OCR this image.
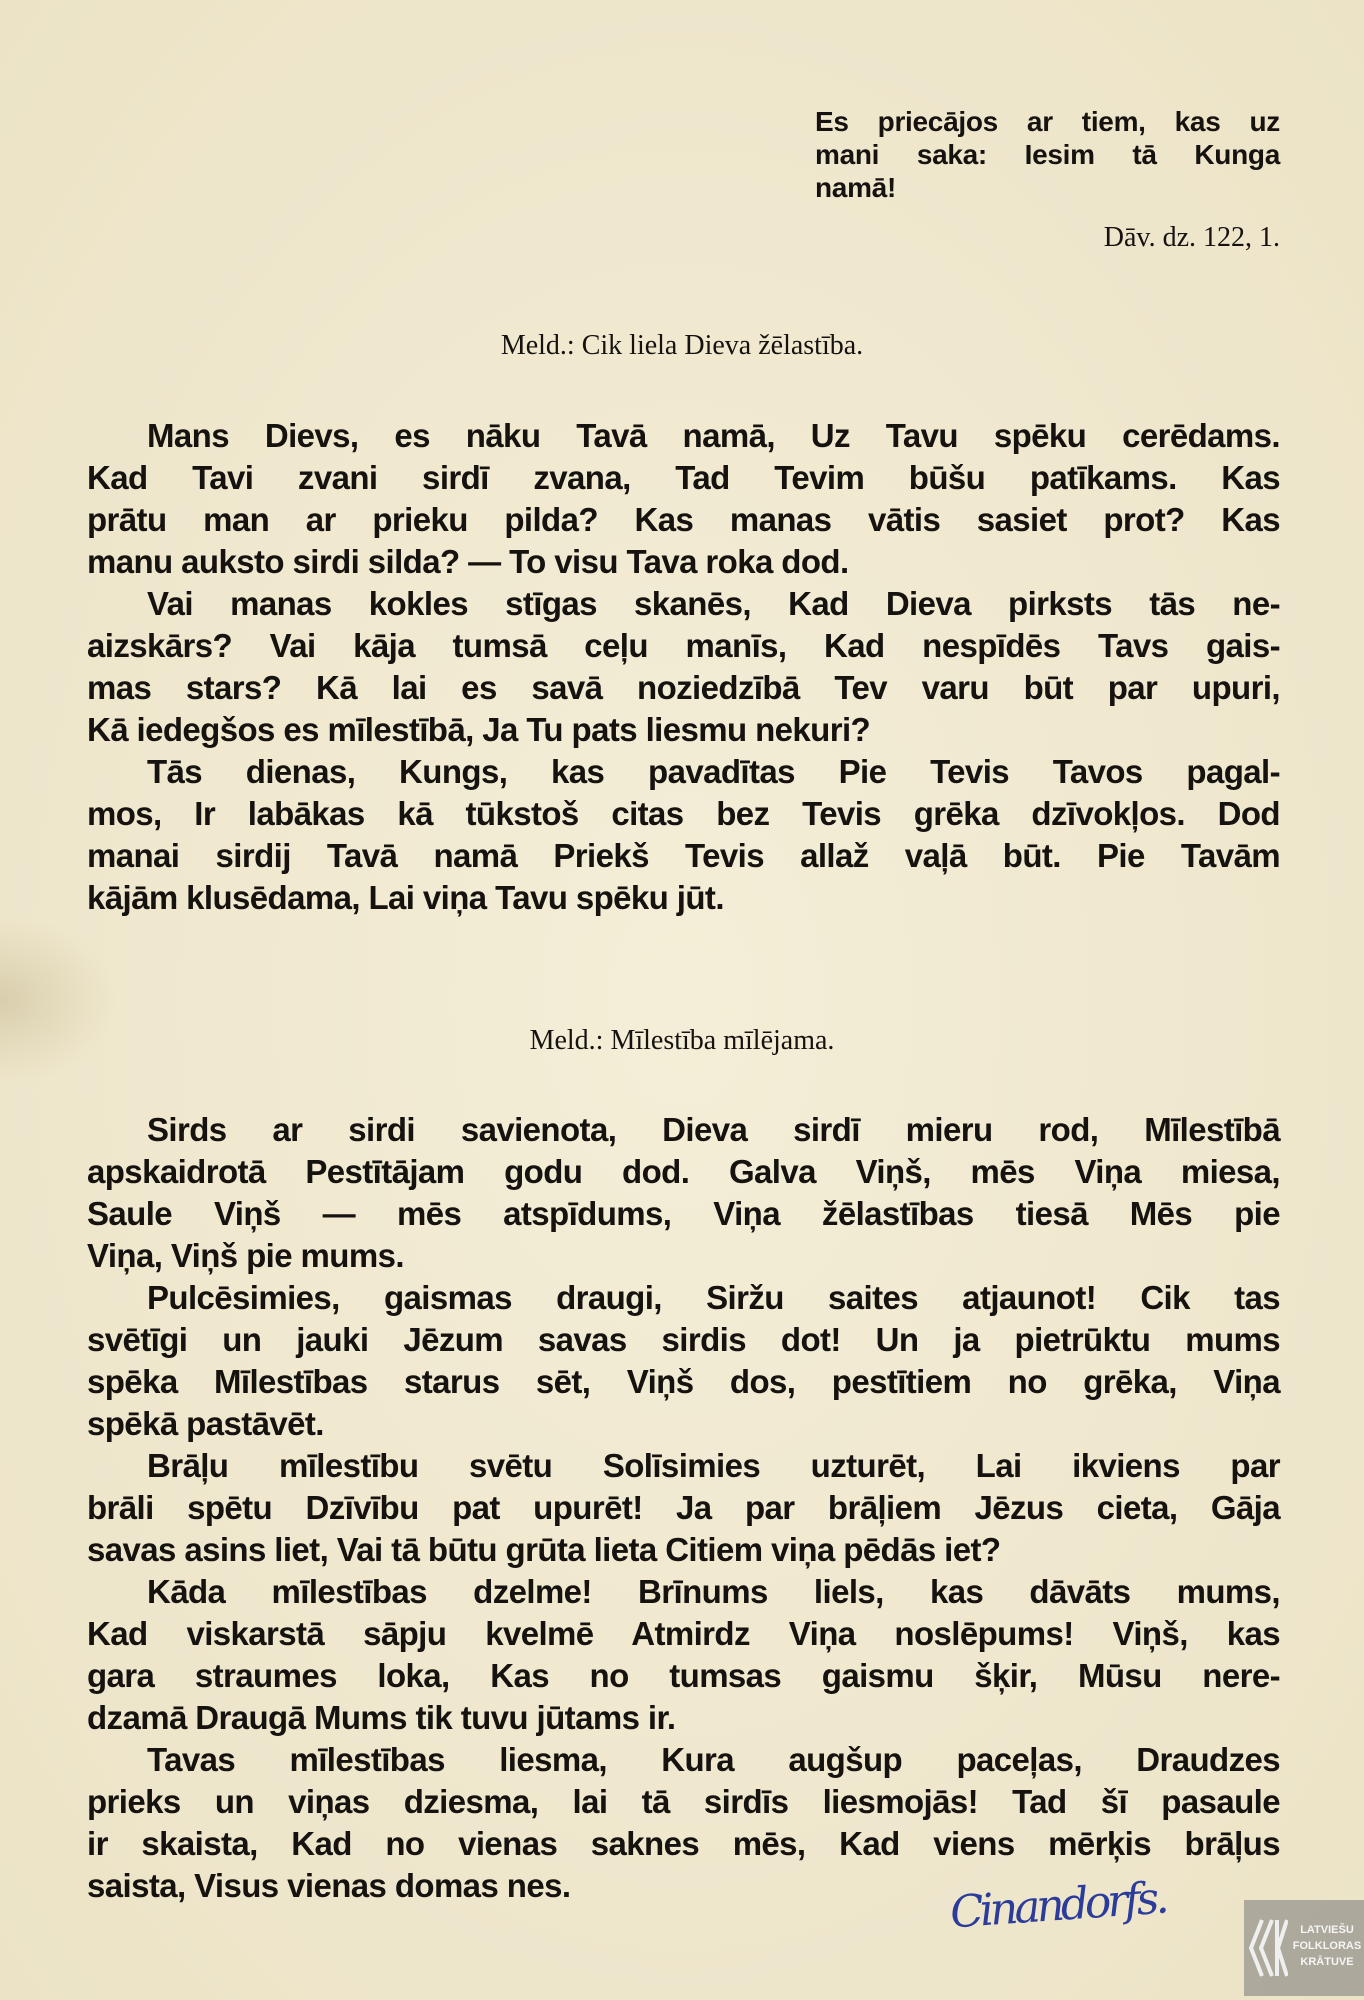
Es priecājos ar tiem, kas uz
mani saka: Iesim tā Kunga
namā!
Dāv. dz. 122, 1.
Meld.: Cik liela Dieva žēlastība.
Mans Dievs, es nāku Tavā namā, Uz Tavu spēku cerēdams.
Kad Tavi zvani sirdī zvana, Tad Tevim būšu patīkams. Kas
prātu man ar prieku pilda? Kas manas vātis sasiet prot? Kas
manu auksto sirdi silda? — To visu Tava roka dod.
Vai manas kokles stīgas skanēs, Kad Dieva pirksts tās ne-
aizskārs? Vai kāja tumsā ceļu manīs, Kad nespīdēs Tavs gais-
mas stars? Kā lai es savā noziedzībā Tev varu būt par upuri,
Kā iedegšos es mīlestībā, Ja Tu pats liesmu nekuri?
Tās dienas, Kungs, kas pavadītas Pie Tevis Tavos pagal-
mos, Ir labākas kā tūkstoš citas bez Tevis grēka dzīvokļos. Dod
manai sirdij Tavā namā Priekš Tevis allaž vaļā būt. Pie Tavām
kājām klusēdama, Lai viņa Tavu spēku jūt.
Meld.: Mīlestība mīlējama.
Sirds ar sirdi savienota, Dieva sirdī mieru rod, Mīlestībā
apskaidrotā Pestītājam godu dod. Galva Viņš, mēs Viņa miesa,
Saule Viņš — mēs atspīdums, Viņa žēlastības tiesā Mēs pie
Viņa, Viņš pie mums.
Pulcēsimies, gaismas draugi, Siržu saites atjaunot! Cik tas
svētīgi un jauki Jēzum savas sirdis dot! Un ja pietrūktu mums
spēka Mīlestības starus sēt, Viņš dos, pestītiem no grēka, Viņa
spēkā pastāvēt.
Brāļu mīlestību svētu Solīsimies uzturēt, Lai ikviens par
brāli spētu Dzīvību pat upurēt! Ja par brāļiem Jēzus cieta, Gāja
savas asins liet, Vai tā būtu grūta lieta Citiem viņa pēdās iet?
Kāda mīlestības dzelme! Brīnums liels, kas dāvāts mums,
Kad viskarstā sāpju kvelmē Atmirdz Viņa noslēpums! Viņš, kas
gara straumes loka, Kas no tumsas gaismu šķir, Mūsu nere-
dzamā Draugā Mums tik tuvu jūtams ir.
Tavas mīlestības liesma, Kura augšup paceļas, Draudzes
prieks un viņas dziesma, lai tā sirdīs liesmojās! Tad šī pasaule
ir skaista, Kad no vienas saknes mēs, Kad viens mērķis brāļus
saista, Visus vienas domas nes.	Cinandorfs.	LATVIEŠU
FOLKLORAS
KRĀTUVE
